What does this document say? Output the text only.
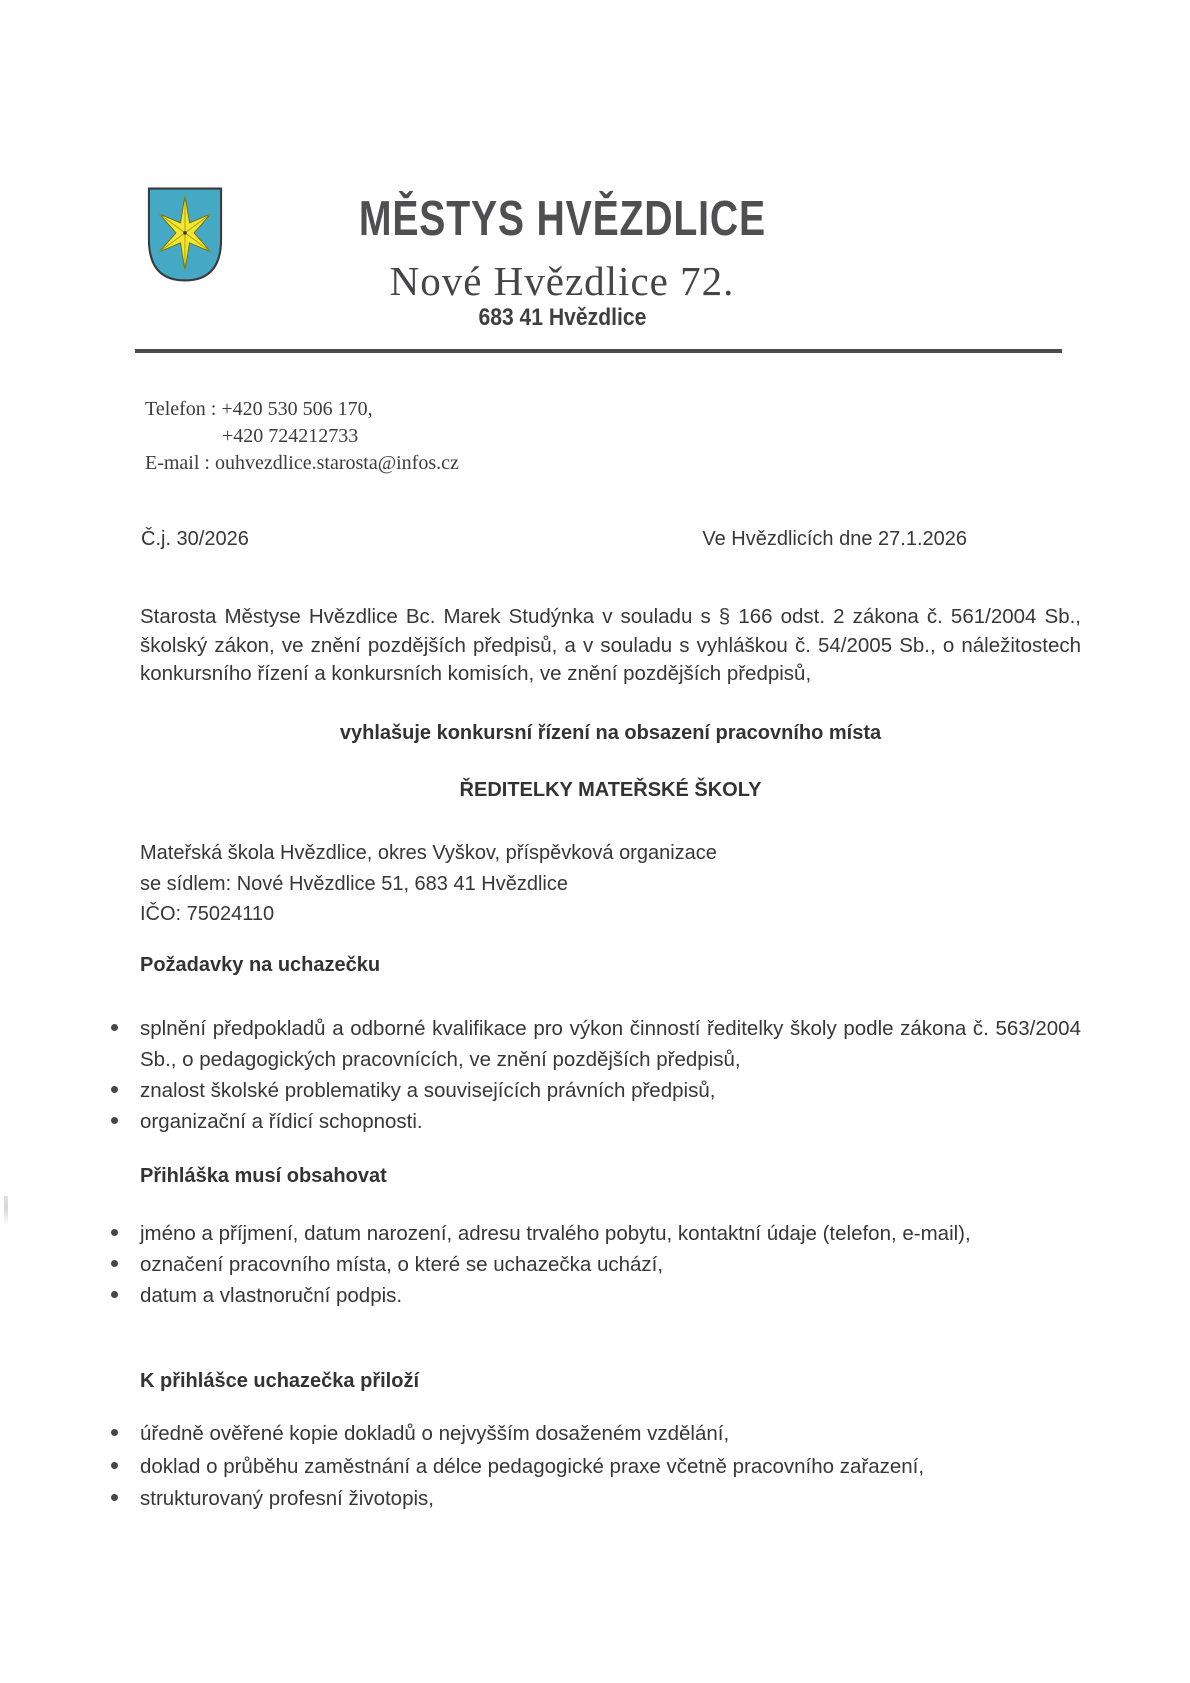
MĚSTYS HVĚZDLICE
Nové Hvězdlice 72.
683 41 Hvězdlice
Telefon : +420 530 506 170,
+420 724212733
E-mail : ouhvezdlice.starosta@infos.cz
Č.j. 30/2026	Ve Hvězdlicích dne 27.1.2026

Starosta Městyse Hvězdlice Bc. Marek Studýnka v souladu s § 166 odst. 2 zákona č. 561/2004 Sb., školský zákon, ve znění pozdějších předpisů, a v souladu s vyhláškou č. 54/2005 Sb., o náležitostech konkursního řízení a konkursních komisích, ve znění pozdějších předpisů,

vyhlašuje konkursní řízení na obsazení pracovního místa
ŘEDITELKY MATEŘSKÉ ŠKOLY
Mateřská škola Hvězdlice, okres Vyškov, příspěvková organizace
se sídlem: Nové Hvězdlice 51, 683 41 Hvězdlice
IČO: 75024110
Požadavky na uchazečku
splnění předpokladů a odborné kvalifikace pro výkon činností ředitelky školy podle zákona č. 563/2004 Sb., o pedagogických pracovnících, ve znění pozdějších předpisů,
znalost školské problematiky a souvisejících právních předpisů,
organizační a řídicí schopnosti.
Přihláška musí obsahovat
jméno a příjmení, datum narození, adresu trvalého pobytu, kontaktní údaje (telefon, e-mail),
označení pracovního místa, o které se uchazečka uchází,
datum a vlastnoruční podpis.
K přihlášce uchazečka přiloží
úředně ověřené kopie dokladů o nejvyšším dosaženém vzdělání,
doklad o průběhu zaměstnání a délce pedagogické praxe včetně pracovního zařazení,
strukturovaný profesní životopis,
